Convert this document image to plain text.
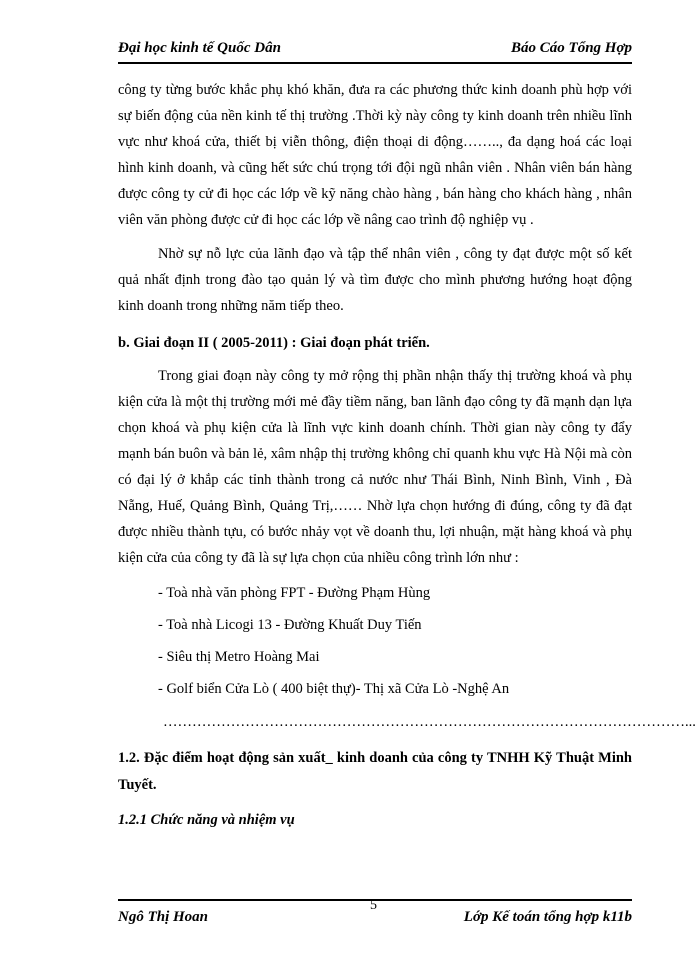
Đại học kinh tế Quốc Dân	Báo Cáo Tổng Hợp

công ty từng bước khắc phụ khó khăn, đưa ra các phương thức kinh doanh phù hợp với sự biến động của nền kinh tế thị trường .Thời kỳ này công ty kinh doanh trên nhiều lĩnh vực như khoá cửa, thiết bị viễn thông, điện thoại di động…….., đa dạng hoá các loại hình kinh doanh, và cũng hết sức chú trọng tới đội ngũ nhân viên . Nhân viên bán hàng được công ty cử đi học các lớp về kỹ năng chào hàng , bán hàng cho khách hàng , nhân viên văn phòng được cử đi học các lớp về nâng cao trình độ nghiệp vụ .

Nhờ sự nỗ lực của lãnh đạo và tập thể nhân viên , công ty đạt được một số kết quả nhất định trong đào tạo quản lý và tìm được cho mình phương hướng hoạt động kinh doanh trong những năm tiếp theo.

b. Giai đoạn II ( 2005-2011) : Giai đoạn phát triển.

Trong giai đoạn này công ty mở rộng thị phần nhận thấy thị trường khoá và phụ kiện cửa là một thị trường mới mẻ đầy tiềm năng, ban lãnh đạo công ty đã mạnh dạn lựa chọn khoá và phụ kiện cửa là lĩnh vực kinh doanh chính. Thời gian này công ty đẩy mạnh bán buôn và bản lẻ, xâm nhập thị trường không chỉ quanh khu vực Hà Nội mà còn có đại lý ở khắp các tỉnh thành trong cả nước như Thái Bình, Ninh Bình, Vinh , Đà Nẵng, Huế, Quảng Bình, Quảng Trị,…… Nhờ lựa chọn hướng đi đúng, công ty đã đạt được nhiều thành tựu, có bước nhảy vọt về doanh thu, lợi nhuận, mặt hàng khoá và phụ kiện cửa của công ty đã là sự lựa chọn của nhiều công trình lớn như :

- Toà nhà văn phòng FPT - Đường Phạm Hùng

- Toà nhà Licogi 13 - Đường Khuất Duy Tiến

- Siêu thị Metro Hoàng Mai

- Golf biển Cửa Lò ( 400 biệt thự)- Thị xã Cửa Lò -Nghệ An

………………………………………………………………………………………………...

1.2. Đặc điểm hoạt động sản xuất_ kinh doanh của công ty TNHH Kỹ Thuật Minh Tuyết.

1.2.1 Chức năng và nhiệm vụ

Ngô Thị Hoan
5
Lớp Kế toán tổng hợp k11b
